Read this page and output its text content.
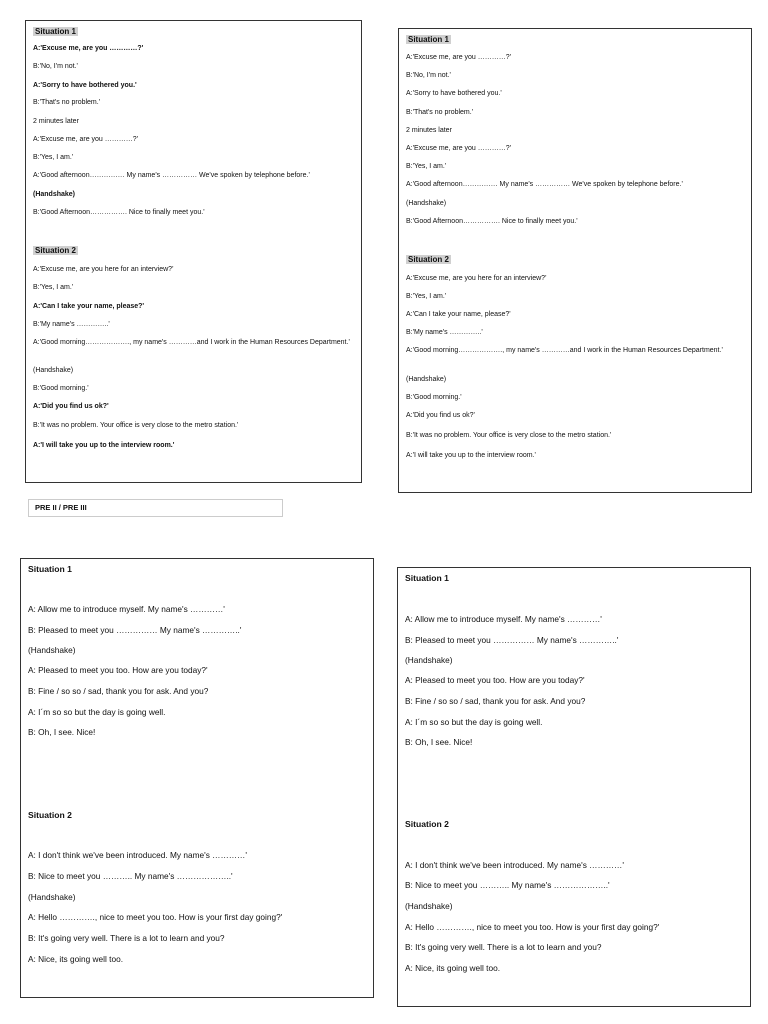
Situation 1
A:'Excuse me, are you …………?'
B:'No, I'm not.'
A:'Sorry to have bothered you.'
B:'That's no problem.'
2 minutes later
A:'Excuse me, are you …………?'
B:'Yes, I am.'
A:'Good afternoon…………… My name's …………… We've spoken by telephone before.'
(Handshake)
B:'Good Afternoon……………. Nice to finally meet you.'
Situation 2
A:'Excuse me, are you here for an interview?'
B:'Yes, I am.'
A:'Can I take your name, please?'
B:'My name's …………..'
A:'Good morning………………., my name's …………and I work in the Human Resources Department.'
(Handshake)
B:'Good morning.'
A:'Did you find us ok?'
B:'It was no problem. Your office is very close to the metro station.'
A:'I will take you up to the interview room.'
Situation 1
A:'Excuse me, are you …………?'
B:'No, I'm not.'
A:'Sorry to have bothered you.'
B:'That's no problem.'
2 minutes later
A:'Excuse me, are you …………?'
B:'Yes, I am.'
A:'Good afternoon…………… My name's …………… We've spoken by telephone before.'
(Handshake)
B:'Good Afternoon……………. Nice to finally meet you.'
Situation 2
A:'Excuse me, are you here for an interview?'
B:'Yes, I am.'
A:'Can I take your name, please?'
B:'My name's …………..'
A:'Good morning………………., my name's …………and I work in the Human Resources Department.'
(Handshake)
B:'Good morning.'
A:'Did you find us ok?'
B:'It was no problem. Your office is very close to the metro station.'
A:'I will take you up to the interview room.'
PRE II / PRE III
Situation 1
A: Allow me to introduce myself. My name's …………'
B: Pleased to meet you …………… My name's …………..'
(Handshake)
A: Pleased to meet you too. How are you today?'
B: Fine / so so / sad, thank you for ask. And you?
A: I´m so so but the day is going well.
B: Oh, I see. Nice!
Situation 2
A: I don't think we've been introduced. My name's …………'
B: Nice to meet you ……….. My name's ………………..'
(Handshake)
A: Hello …………., nice to meet you too. How is your first day going?'
B: It's going very well. There is a lot to learn and you?
A: Nice, its going well too.
Situation 1
A: Allow me to introduce myself. My name's …………'
B: Pleased to meet you …………… My name's …………..'
(Handshake)
A: Pleased to meet you too. How are you today?'
B: Fine / so so / sad, thank you for ask. And you?
A: I´m so so but the day is going well.
B: Oh, I see. Nice!
Situation 2
A: I don't think we've been introduced. My name's …………'
B: Nice to meet you ……….. My name's ………………..'
(Handshake)
A: Hello …………., nice to meet you too. How is your first day going?'
B: It's going very well. There is a lot to learn and you?
A: Nice, its going well too.
